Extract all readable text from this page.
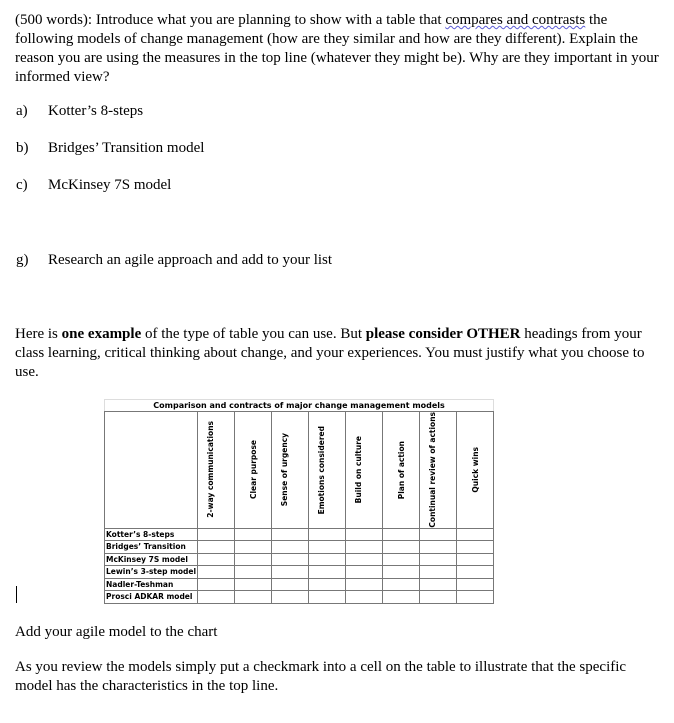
(500 words): Introduce what you are planning to show with a table that compares and contrasts the following models of change management (how are they similar and how are they different). Explain the reason you are using the measures in the top line (whatever they might be). Why are they important in your informed view?
a) Kotter’s 8-steps
b) Bridges’ Transition model
c) McKinsey 7S model
g) Research an agile approach and add to your list
Here is one example of the type of table you can use. But please consider OTHER headings from your class learning, critical thinking about change, and your experiences. You must justify what you choose to use.
Comparison and contracts of major change management models								

	2-way communications	Clear purpose	Sense of urgency	Emotions considered	Build on culture	Plan of action	Continual review of actions	Quick wins

Kotter’s 8-steps								
Bridges’ Transition								
McKinsey 7S model								
Lewin’s 3-step model								
Nadler-Teshman								
Prosci ADKAR model								
Add your agile model to the chart
As you review the models simply put a checkmark into a cell on the table to illustrate that the specific model has the characteristics in the top line.
